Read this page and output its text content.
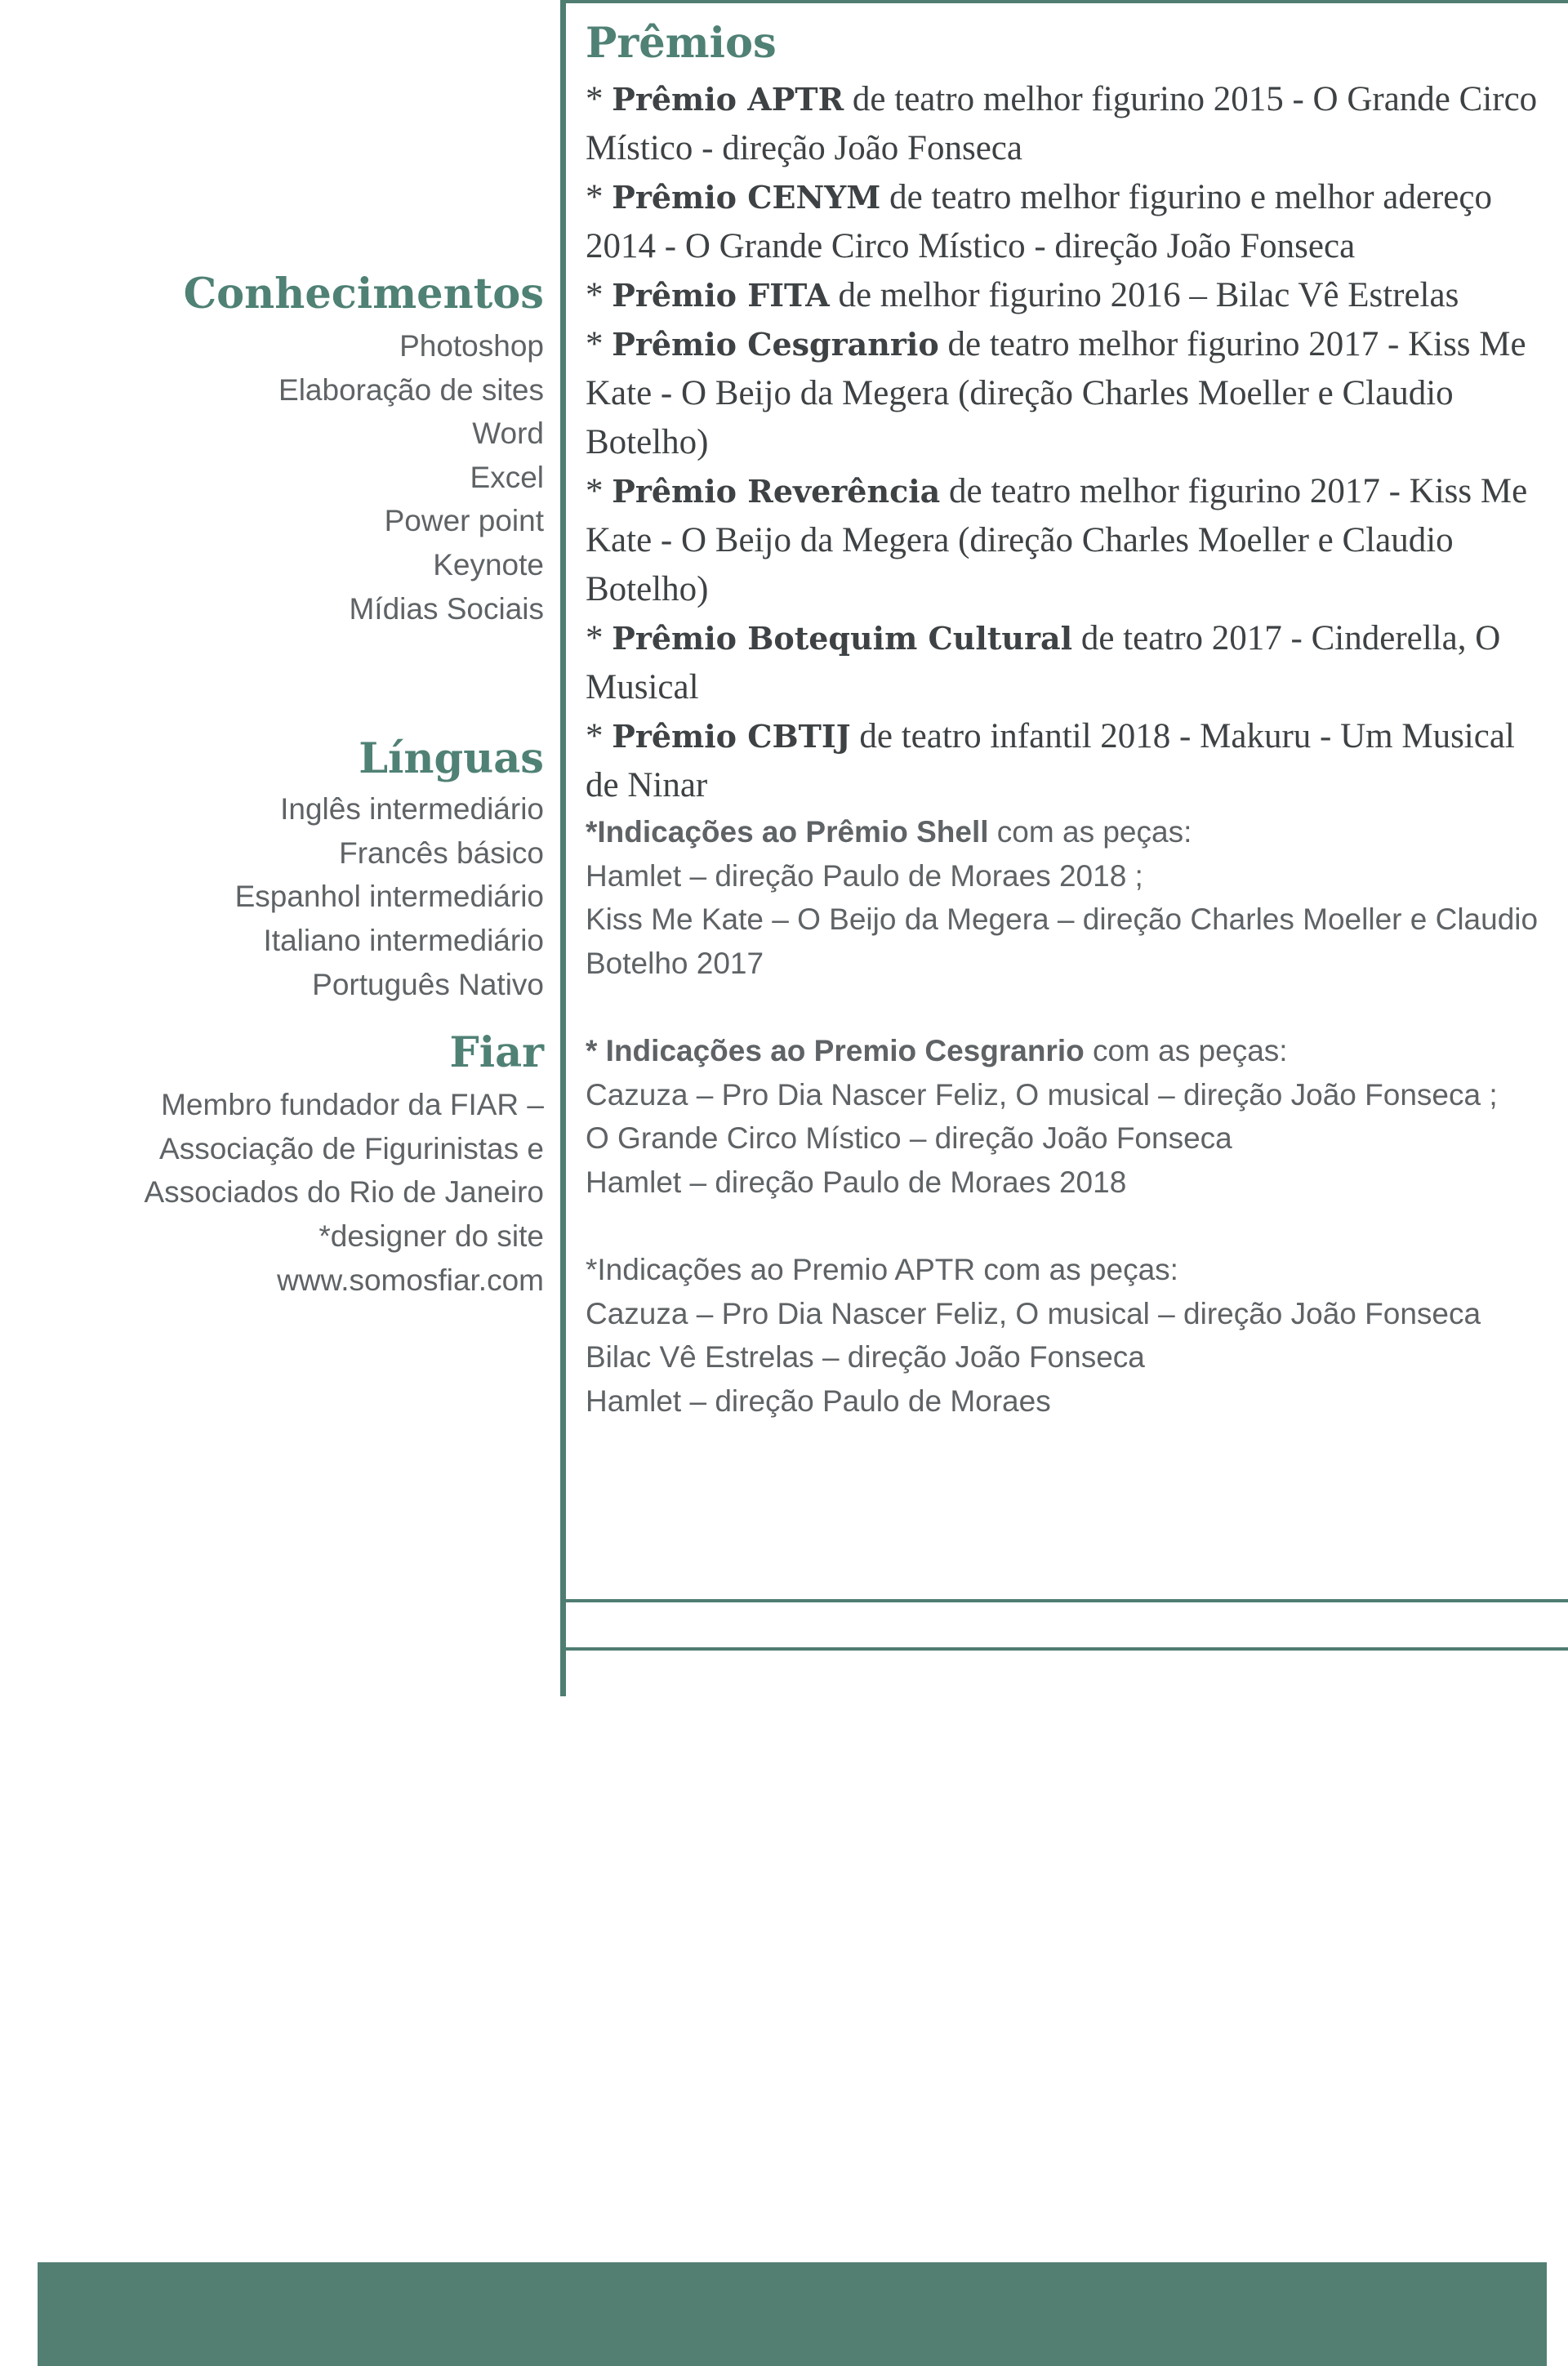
Conhecimentos
Photoshop
Elaboração de sites
Word
Excel
Power point
Keynote
Mídias Sociais
Línguas
Inglês intermediário
Francês básico
Espanhol intermediário
Italiano intermediário
Português Nativo
Fiar
Membro fundador da FIAR –
Associação de Figurinistas e
Associados do Rio de Janeiro
*designer do site
www.somosfiar.com
Prêmios
* Prêmio APTR de teatro melhor figurino 2015 - O Grande Circo Místico - direção João Fonseca
* Prêmio CENYM de teatro melhor figurino e melhor adereço 2014 - O Grande Circo Místico - direção João Fonseca
* Prêmio FITA de melhor figurino 2016 – Bilac Vê Estrelas
* Prêmio Cesgranrio de teatro melhor figurino 2017 - Kiss Me Kate - O Beijo da Megera (direção Charles Moeller e Claudio Botelho)
* Prêmio Reverência de teatro melhor figurino 2017 - Kiss Me Kate - O Beijo da Megera (direção Charles Moeller e Claudio Botelho)
* Prêmio Botequim Cultural de teatro 2017 - Cinderella, O Musical
* Prêmio CBTIJ de teatro infantil 2018 - Makuru - Um Musical de Ninar

*Indicações ao Prêmio Shell com as peças:

Hamlet – direção Paulo de Moraes 2018 ;

Kiss Me Kate – O Beijo da Megera – direção Charles Moeller e Claudio Botelho 2017

* Indicações ao Premio Cesgranrio com as peças:

Cazuza – Pro Dia Nascer Feliz, O musical – direção João Fonseca ;

O Grande Circo Místico – direção João Fonseca

Hamlet – direção Paulo de Moraes 2018

*Indicações ao Premio APTR com as peças:

Cazuza – Pro Dia Nascer Feliz, O musical – direção João Fonseca

Bilac Vê Estrelas – direção João Fonseca

Hamlet – direção Paulo de Moraes
